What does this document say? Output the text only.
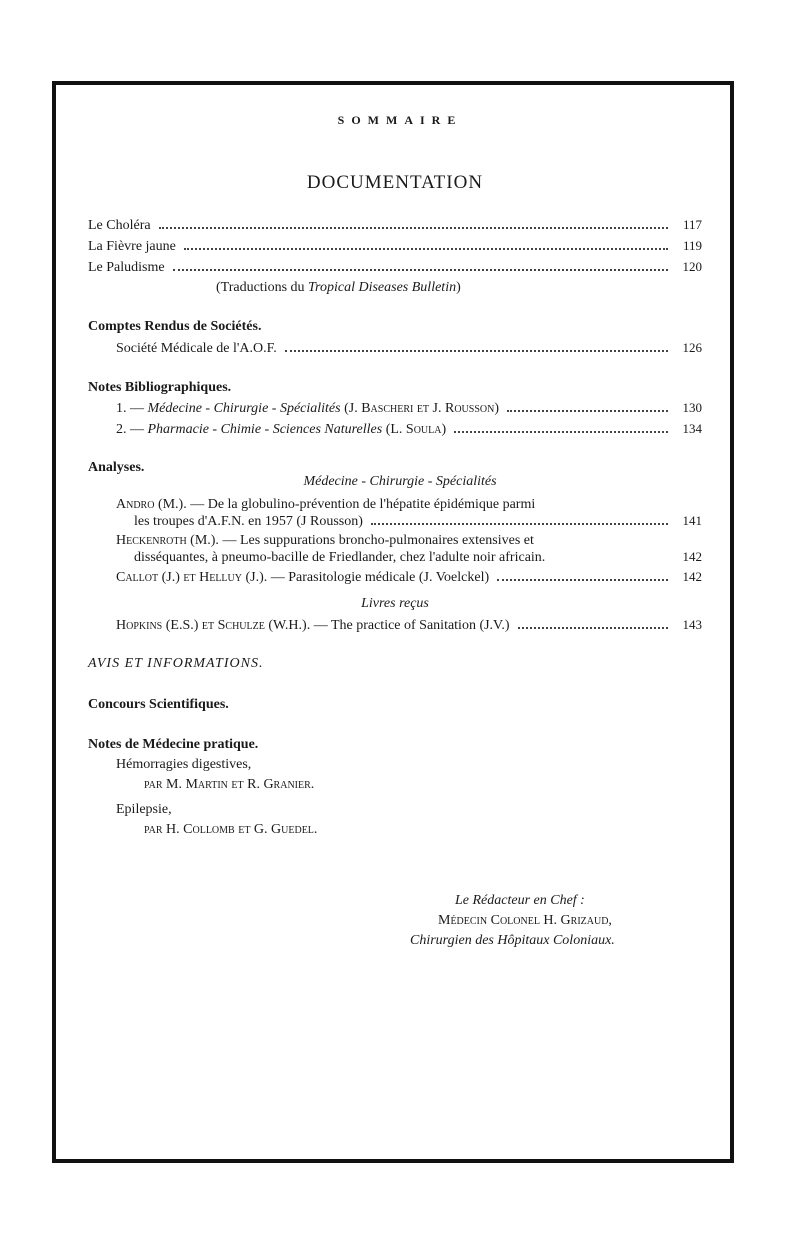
SOMMAIRE
DOCUMENTATION
Le Choléra	117
La Fièvre jaune	119
Le Paludisme	120
(Traductions du Tropical Diseases Bulletin)
Comptes Rendus de Sociétés.
Société Médicale de l'A.O.F.	126
Notes Bibliographiques.
1. — Médecine - Chirurgie - Spécialités (J. Bascheri et J. Rousson)	130
2. — Pharmacie - Chimie - Sciences Naturelles (L. Soula)	134
Analyses.
Médecine - Chirurgie - Spécialités
Andro (M.). — De la globulino-prévention de l'hépatite épidémique parmi
les troupes d'A.F.N. en 1957 (J Rousson)	141
Heckenroth (M.). — Les suppurations broncho-pulmonaires extensives et
disséquantes, à pneumo-bacille de Friedlander, chez l'adulte noir africain.	142
Callot (J.) et Helluy (J.). — Parasitologie médicale (J. Voelckel)	142
Livres reçus
Hopkins (E.S.) et Schulze (W.H.). — The practice of Sanitation (J.V.)	143
AVIS ET INFORMATIONS.
Concours Scientifiques.
Notes de Médecine pratique.
Hémorragies digestives,
par M. Martin et R. Granier.
Epilepsie,
par H. Collomb et G. Guedel.
Le Rédacteur en Chef :
Médecin Colonel H. Grizaud,
Chirurgien des Hôpitaux Coloniaux.
